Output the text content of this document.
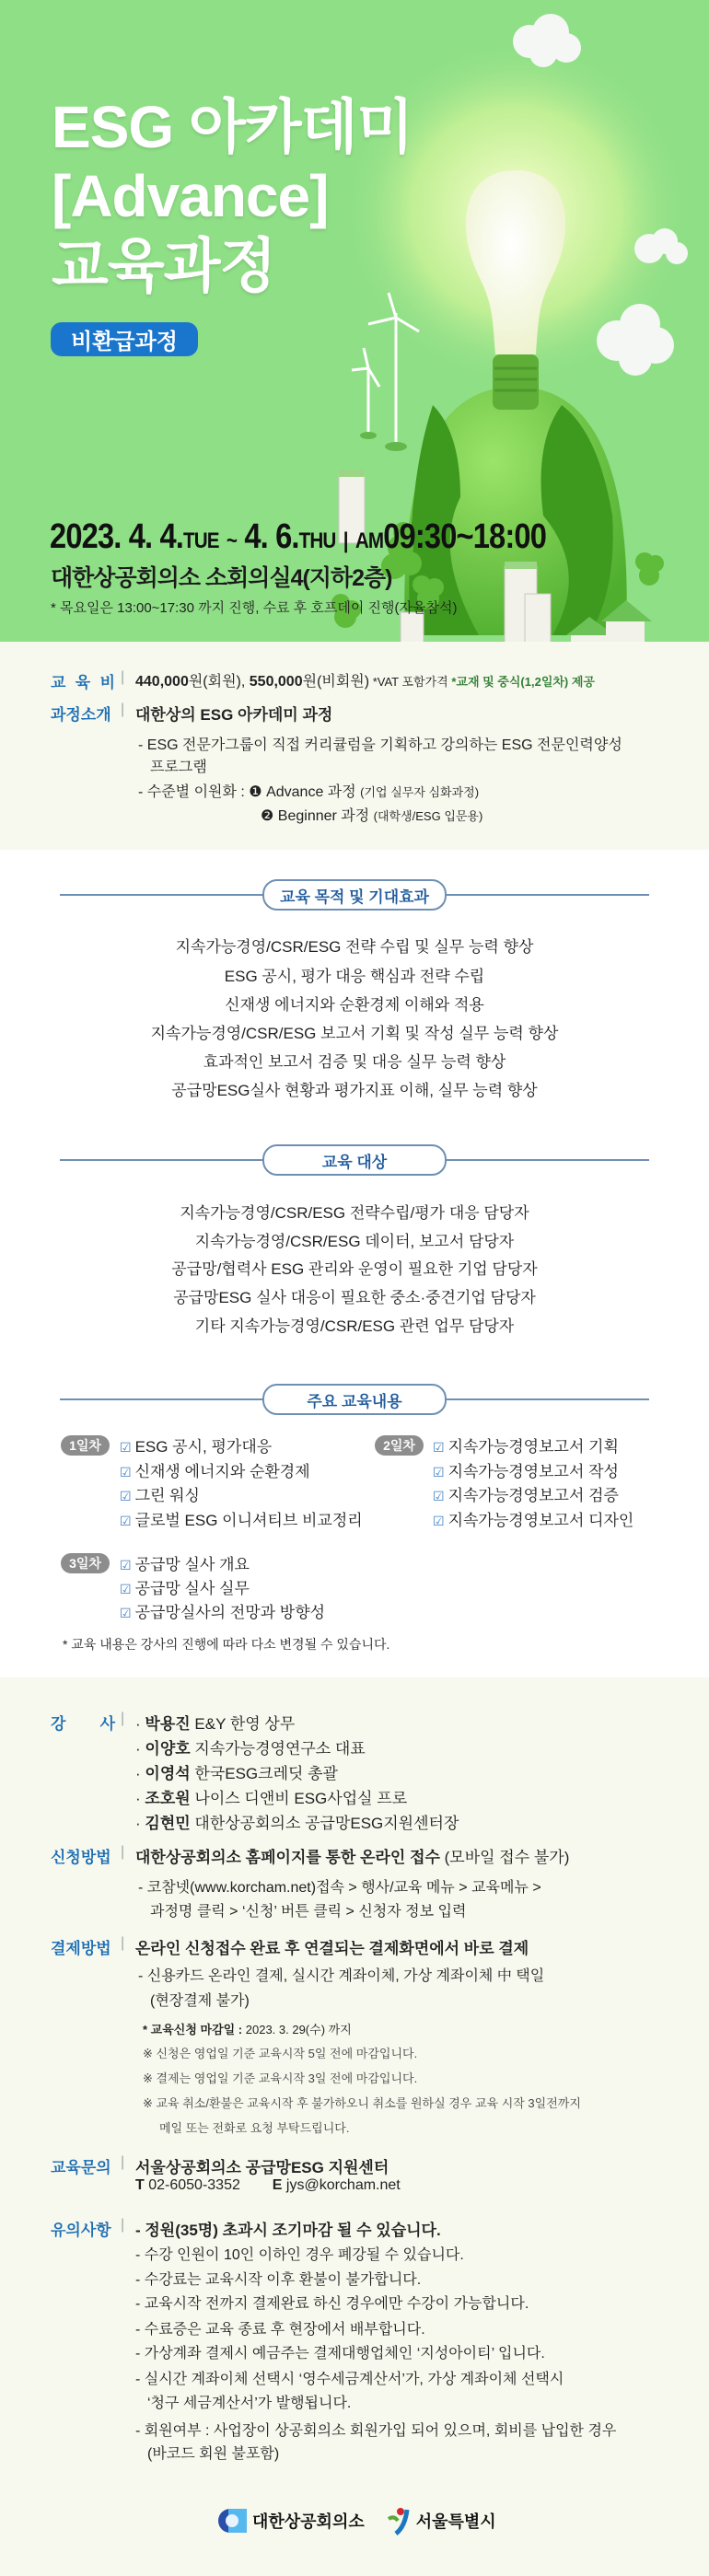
ESG 아카데미
[Advance]
교육과정
비환급과정
2023. 4. 4.TUE ~ 4. 6.THU | AM09:30~18:00
대한상공회의소 소회의실4(지하2층)
* 목요일은 13:00~17:30 까지 진행, 수료 후 호프데이 진행(자율참석)
교 육 비 | 440,000원(회원), 550,000원(비회원) *VAT 포함가격 *교재 및 중식(1,2일차) 제공
과정소개 | 대한상의 ESG 아카데미 과정
- ESG 전문가그룹이 직접 커리큘럼을 기획하고 강의하는 ESG 전문인력양성
프로그램
- 수준별 이원화 : ❶ Advance 과정 (기업 실무자 심화과정)
❷ Beginner 과정 (대학생/ESG 입문용)
교육 목적 및 기대효과
지속가능경영/CSR/ESG 전략 수립 및 실무 능력 향상
ESG 공시, 평가 대응 핵심과 전략 수립
신재생 에너지와 순환경제 이해와 적용
지속가능경영/CSR/ESG 보고서 기획 및 작성 실무 능력 향상
효과적인 보고서 검증 및 대응 실무 능력 향상
공급망ESG실사 현황과 평가지표 이해, 실무 능력 향상
교육 대상
지속가능경영/CSR/ESG 전략수립/평가 대응 담당자
지속가능경영/CSR/ESG 데이터, 보고서 담당자
공급망/협력사 ESG 관리와 운영이 필요한 기업 담당자
공급망ESG 실사 대응이 필요한 중소·중견기업 담당자
기타 지속가능경영/CSR/ESG 관련 업무 담당자
주요 교육내용
1일차	☑ ESG 공시, 평가대응
☑ 신재생 에너지와 순환경제
☑ 그린 워싱
☑ 글로벌 ESG 이니셔티브 비교정리
2일차	☑ 지속가능경영보고서 기획
☑ 지속가능경영보고서 작성
☑ 지속가능경영보고서 검증
☑ 지속가능경영보고서 디자인
3일차	☑ 공급망 실사 개요
☑ 공급망 실사 실무
☑ 공급망실사의 전망과 방향성
* 교육 내용은 강사의 진행에 따라 다소 변경될 수 있습니다.
강 사 | · 박용진 E&Y 한영 상무
· 이양호 지속가능경영연구소 대표
· 이영석 한국ESG크레딧 총괄
· 조호원 나이스 디앤비 ESG사업실 프로
· 김현민 대한상공회의소 공급망ESG지원센터장
신청방법 | 대한상공회의소 홈페이지를 통한 온라인 접수 (모바일 접수 불가)
- 코참넷(www.korcham.net)접속 > 행사/교육 메뉴 > 교육메뉴 >
과정명 클릭 > ‘신청’ 버튼 클릭 > 신청자 정보 입력
결제방법 | 온라인 신청접수 완료 후 연결되는 결제화면에서 바로 결제
- 신용카드 온라인 결제, 실시간 계좌이체, 가상 계좌이체 中 택일
(현장결제 불가)
* 교육신청 마감일 : 2023. 3. 29(수) 까지
※ 신청은 영업일 기준 교육시작 5일 전에 마감입니다.
※ 결제는 영업일 기준 교육시작 3일 전에 마감입니다.
※ 교육 취소/환불은 교육시작 후 불가하오니 취소를 원하실 경우 교육 시작 3일전까지
메일 또는 전화로 요청 부탁드립니다.
교육문의 | 서울상공회의소 공급망ESG 지원센터
T 02-6050-3352 E jys@korcham.net
유의사항 | - 정원(35명) 초과시 조기마감 될 수 있습니다.
- 수강 인원이 10인 이하인 경우 폐강될 수 있습니다.
- 수강료는 교육시작 이후 환불이 불가합니다.
- 교육시작 전까지 결제완료 하신 경우에만 수강이 가능합니다.
- 수료증은 교육 종료 후 현장에서 배부합니다.
- 가상계좌 결제시 예금주는 결제대행업체인 ‘지성아이티’ 입니다.
- 실시간 계좌이체 선택시 ‘영수세금계산서’가, 가상 계좌이체 선택시
‘청구 세금계산서’가 발행됩니다.
- 회원여부 : 사업장이 상공회의소 회원가입 되어 있으며, 회비를 납입한 경우
(바코드 회원 불포함)
대한상공회의소	서울특별시
